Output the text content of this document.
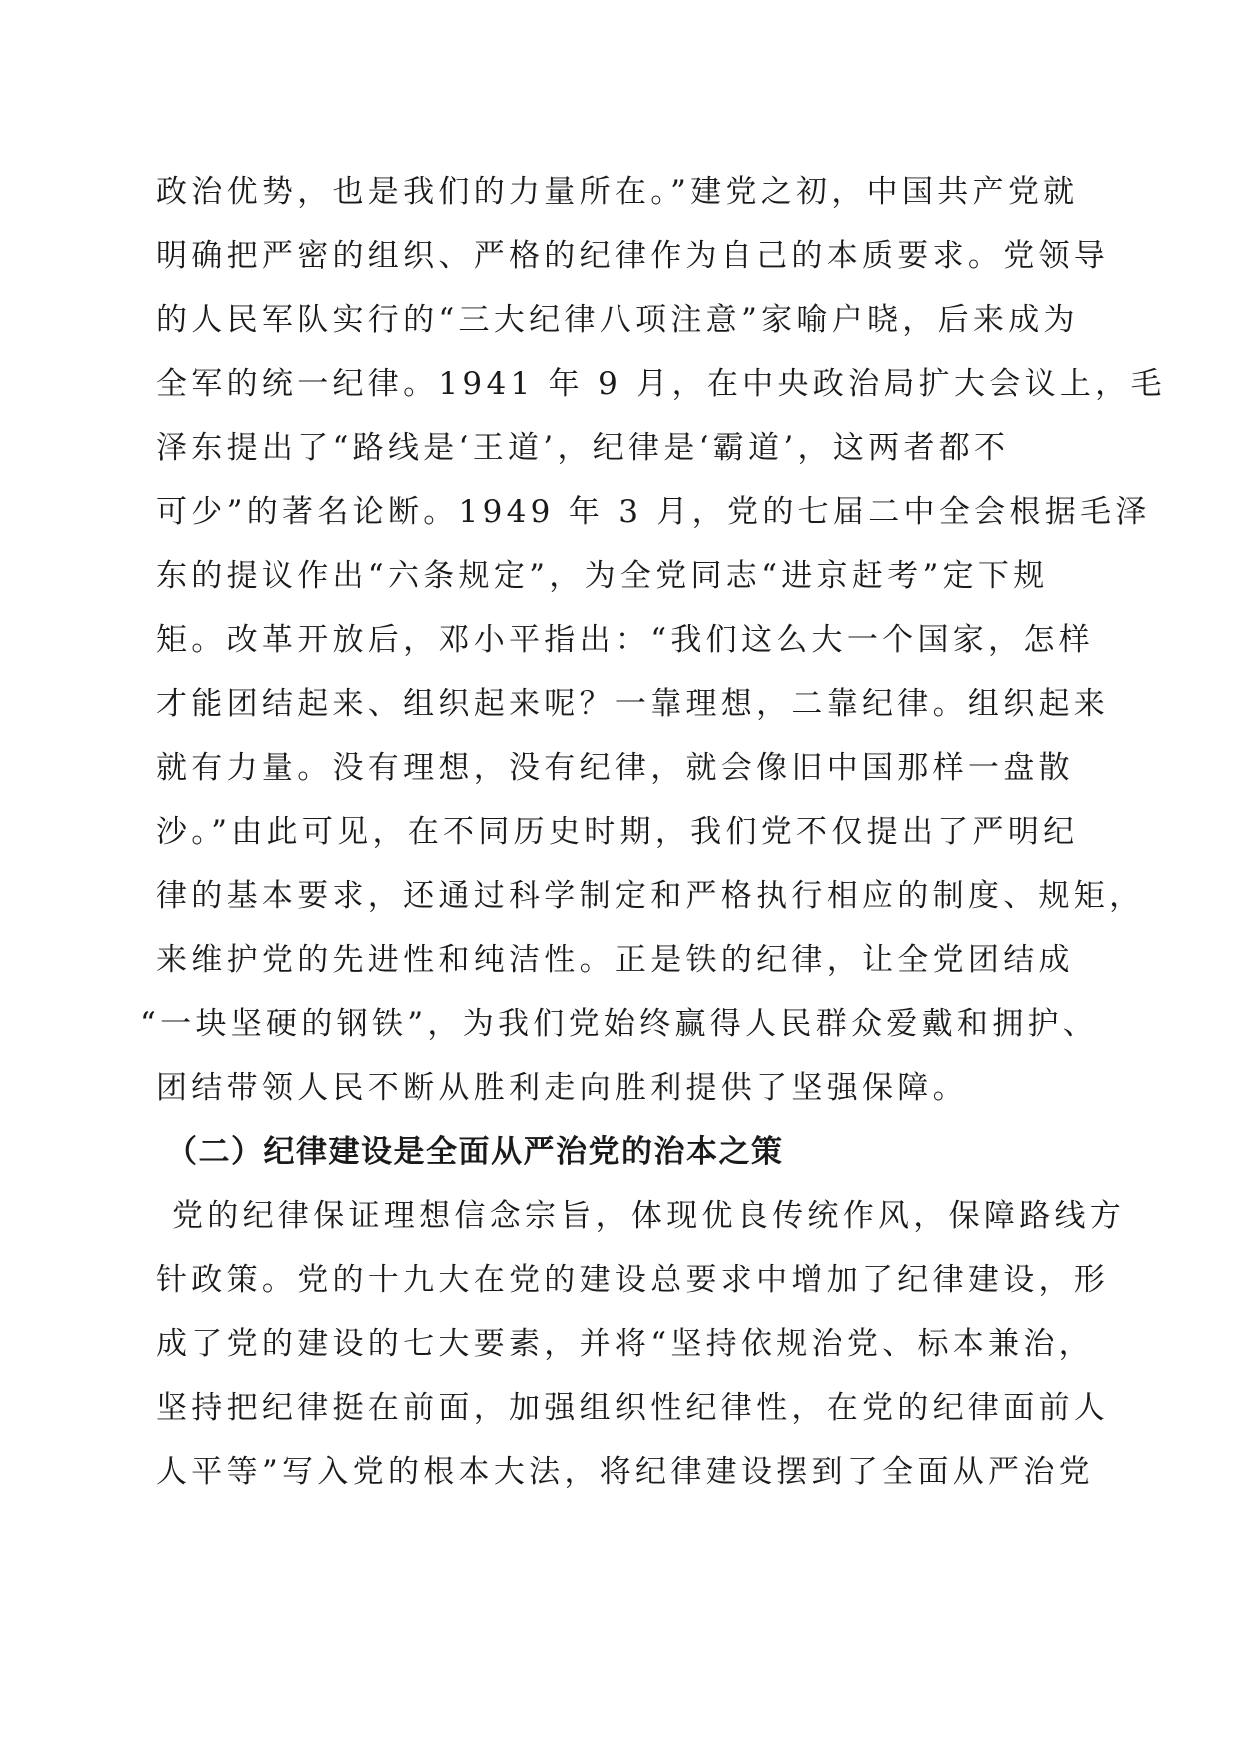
政治优势，也是我们的力量所在。”建党之初，中国共产党就
明确把严密的组织、严格的纪律作为自己的本质要求。党领导
的人民军队实行的“三大纪律八项注意”家喻户晓，后来成为
全军的统一纪律。1941 年 9 月，在中央政治局扩大会议上，毛
泽东提出了“路线是‘王道’，纪律是‘霸道’，这两者都不
可少”的著名论断。1949 年 3 月，党的七届二中全会根据毛泽
东的提议作出“六条规定”，为全党同志“进京赶考”定下规
矩。改革开放后，邓小平指出：“我们这么大一个国家，怎样
才能团结起来、组织起来呢？一靠理想，二靠纪律。组织起来
就有力量。没有理想，没有纪律，就会像旧中国那样一盘散
沙。”由此可见，在不同历史时期，我们党不仅提出了严明纪
律的基本要求，还通过科学制定和严格执行相应的制度、规矩，
来维护党的先进性和纯洁性。正是铁的纪律，让全党团结成
“一块坚硬的钢铁”，为我们党始终赢得人民群众爱戴和拥护、
团结带领人民不断从胜利走向胜利提供了坚强保障。
（二）纪律建设是全面从严治党的治本之策
党的纪律保证理想信念宗旨，体现优良传统作风，保障路线方
针政策。党的十九大在党的建设总要求中增加了纪律建设，形
成了党的建设的七大要素，并将“坚持依规治党、标本兼治，
坚持把纪律挺在前面，加强组织性纪律性，在党的纪律面前人
人平等”写入党的根本大法，将纪律建设摆到了全面从严治党
